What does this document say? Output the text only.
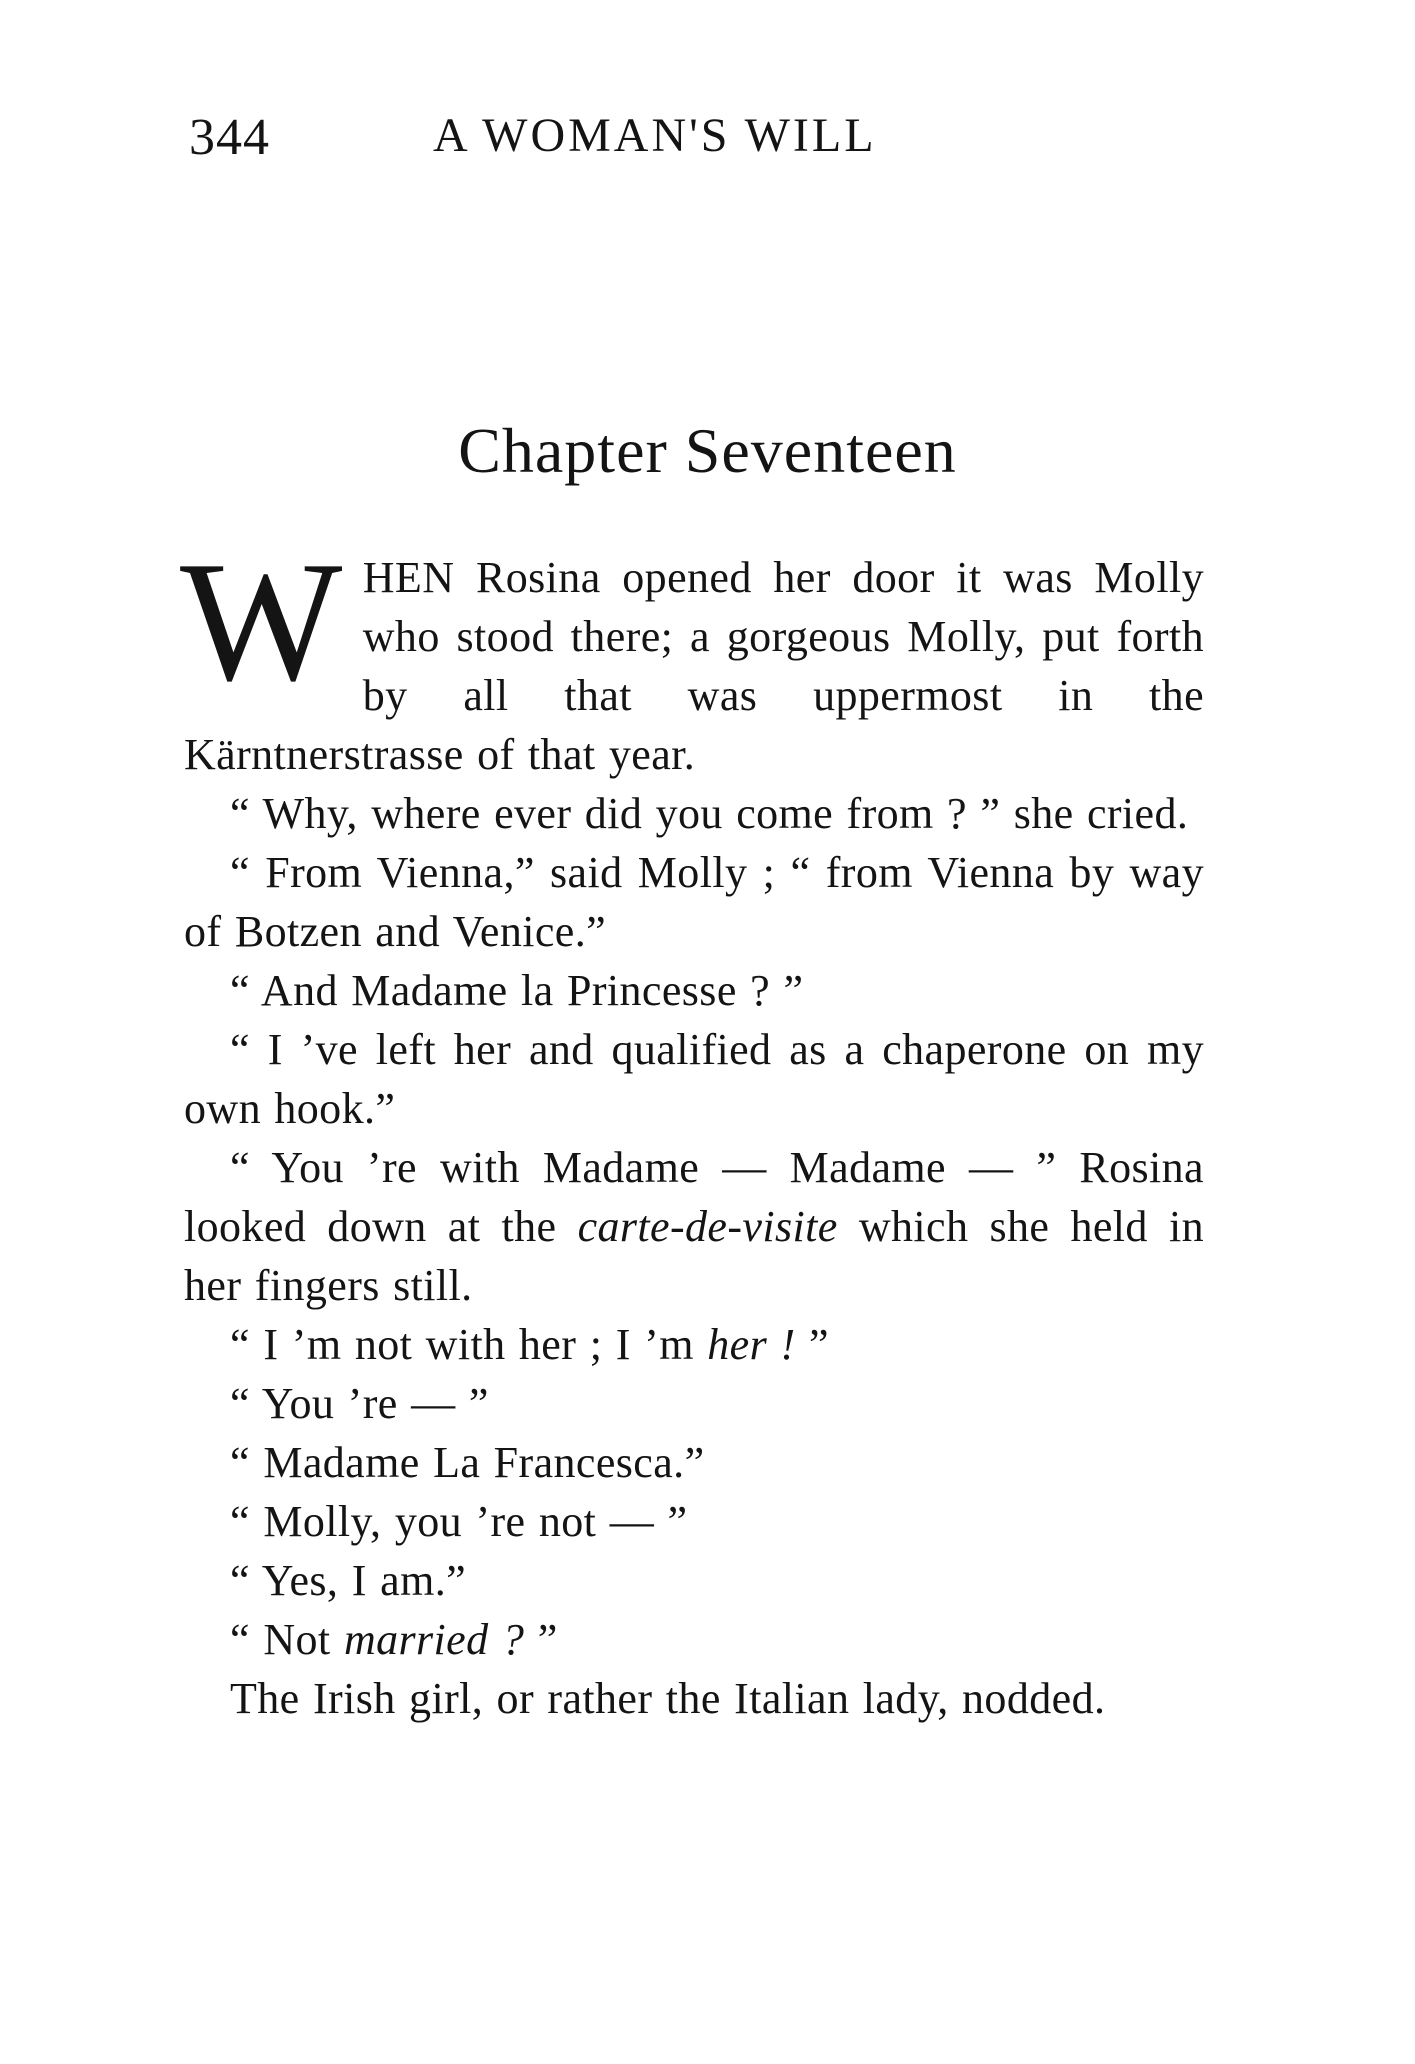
344	A WOMAN'S WILL
Chapter Seventeen

WHEN Rosina opened her door it was Molly who stood there; a gorgeous Molly, put forth by all that was uppermost in the Kärntnerstrasse of that year.

“ Why, where ever did you come from ? ” she cried.

“ From Vienna,” said Molly ; “ from Vienna by way of Botzen and Venice.”

“ And Madame la Princesse ? ”

“ I ’ve left her and qualified as a chaperone on my own hook.”

“ You ’re with Madame — Madame — ” Rosina looked down at the carte-de-visite which she held in her fingers still.

“ I ’m not with her ; I ’m her ! ”

“ You ’re — ”

“ Madame La Francesca.”

“ Molly, you ’re not — ”

“ Yes, I am.”

“ Not married ? ”

The Irish girl, or rather the Italian lady, nodded.
